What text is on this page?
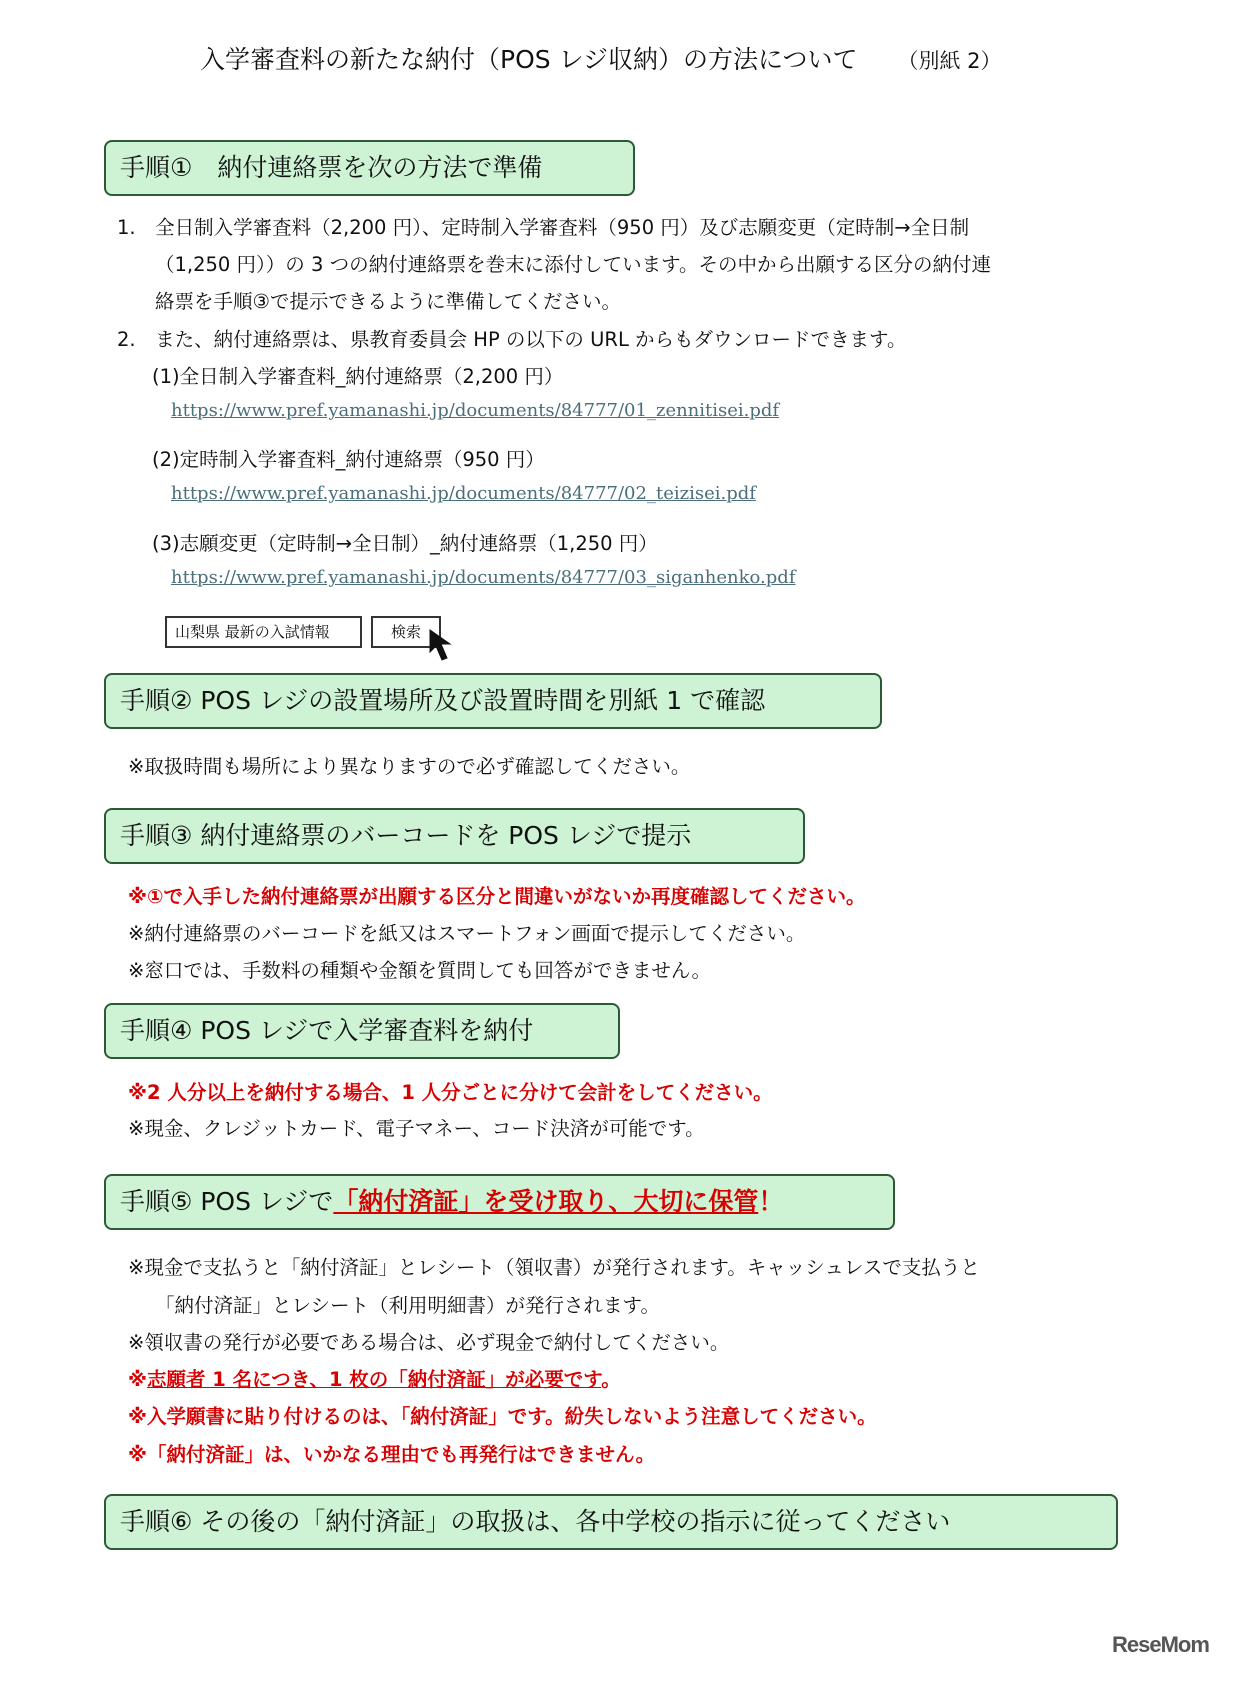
入学審査料の新たな納付（POS レジ収納）の方法について （別紙 2）
手順①　納付連絡票を次の方法で準備
1.　全日制入学審査料（2,200 円）、定時制入学審査料（950 円）及び志願変更（定時制→全日制
（1,250 円））の 3 つの納付連絡票を巻末に添付しています。その中から出願する区分の納付連
絡票を手順③で提示できるように準備してください。
2.　また、納付連絡票は、県教育委員会 HP の以下の URL からもダウンロードできます。
(1)全日制入学審査料_納付連絡票（2,200 円）
https://www.pref.yamanashi.jp/documents/84777/01_zennitisei.pdf
(2)定時制入学審査料_納付連絡票（950 円）
https://www.pref.yamanashi.jp/documents/84777/02_teizisei.pdf
(3)志願変更（定時制→全日制）_納付連絡票（1,250 円）
https://www.pref.yamanashi.jp/documents/84777/03_siganhenko.pdf
山梨県 最新の入試情報	検索
手順② POS レジの設置場所及び設置時間を別紙 1 で確認
※取扱時間も場所により異なりますので必ず確認してください。
手順③ 納付連絡票のバーコードを POS レジで提示
※①で入手した納付連絡票が出願する区分と間違いがないか再度確認してください。
※納付連絡票のバーコードを紙又はスマートフォン画面で提示してください。
※窓口では、手数料の種類や金額を質問しても回答ができません。
手順④ POS レジで入学審査料を納付
※2 人分以上を納付する場合、1 人分ごとに分けて会計をしてください。
※現金、クレジットカード、電子マネー、コード決済が可能です。
手順⑤ POS レジで「納付済証」を受け取り、大切に保管！
※現金で支払うと「納付済証」とレシート（領収書）が発行されます。キャッシュレスで支払うと
「納付済証」とレシート（利用明細書）が発行されます。
※領収書の発行が必要である場合は、必ず現金で納付してください。
※志願者 1 名につき、1 枚の「納付済証」が必要です。
※入学願書に貼り付けるのは、「納付済証」です。紛失しないよう注意してください。
※「納付済証」は、いかなる理由でも再発行はできません。
手順⑥ その後の「納付済証」の取扱は、各中学校の指示に従ってください
ReseMom
